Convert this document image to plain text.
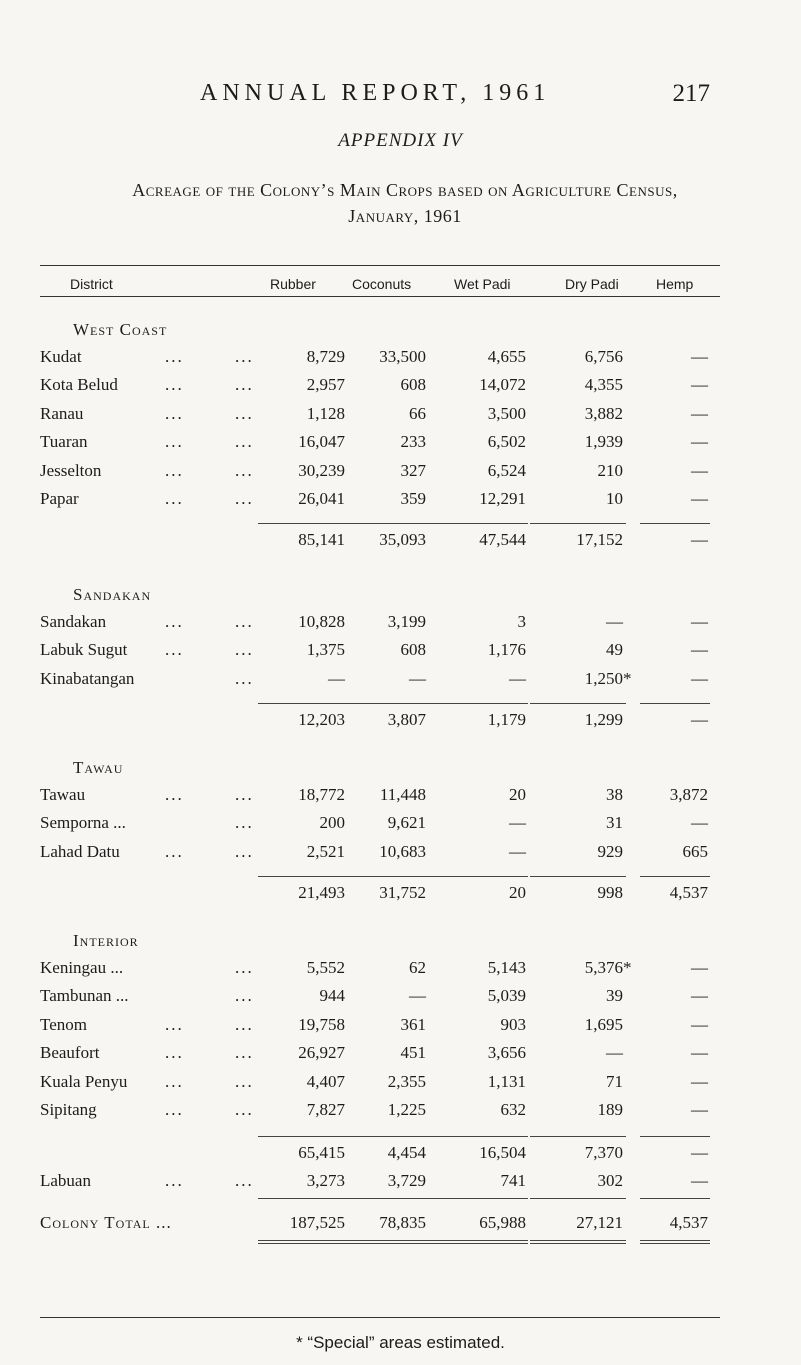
ANNUAL REPORT, 1961	217
APPENDIX IV
Acreage of the Colony’s Main Crops based on Agriculture Census,
January, 1961
District	Rubber	Coconuts	Wet Padi	Dry Padi	Hemp
West Coast
Kudat	...	...	8,729	33,500	4,655	6,756	—
Kota Belud	...	...	2,957	608	14,072	4,355	—
Ranau	...	...	1,128	66	3,500	3,882	—
Tuaran	...	...	16,047	233	6,502	1,939	—
Jesselton	...	...	30,239	327	6,524	210	—
Papar	...	...	26,041	359	12,291	10	—
85,141	35,093	47,544	17,152	—
Sandakan
Sandakan	...	...	10,828	3,199	3	—	—
Labuk Sugut ...	...	1,375	608	1,176	49	—
Kinabatangan	...	—	—	—	1,250 *	—
12,203	3,807	1,179	1,299	—
Tawau
Tawau	...	...	18,772	11,448	20	38	3,872
Semporna ...	...	200	9,621	—	31	—
Lahad Datu	...	...	2,521	10,683	—	929	665
21,493	31,752	20	998	4,537
Interior
Keningau ...	...	5,552	62	5,143	5,376 *	—
Tambunan ...	...	944	—	5,039	39	—
Tenom	...	...	19,758	361	903	1,695	—
Beaufort	...	...	26,927	451	3,656	—	—
Kuala Penyu ...	...	4,407	2,355	1,131	71	—
Sipitang	...	...	7,827	1,225	632	189	—
65,415	4,454	16,504	7,370	—
Labuan	...	...	3,273	3,729	741	302	—
Colony Total ...	187,525	78,835	65,988	27,121	4,537
* “Special” areas estimated.
